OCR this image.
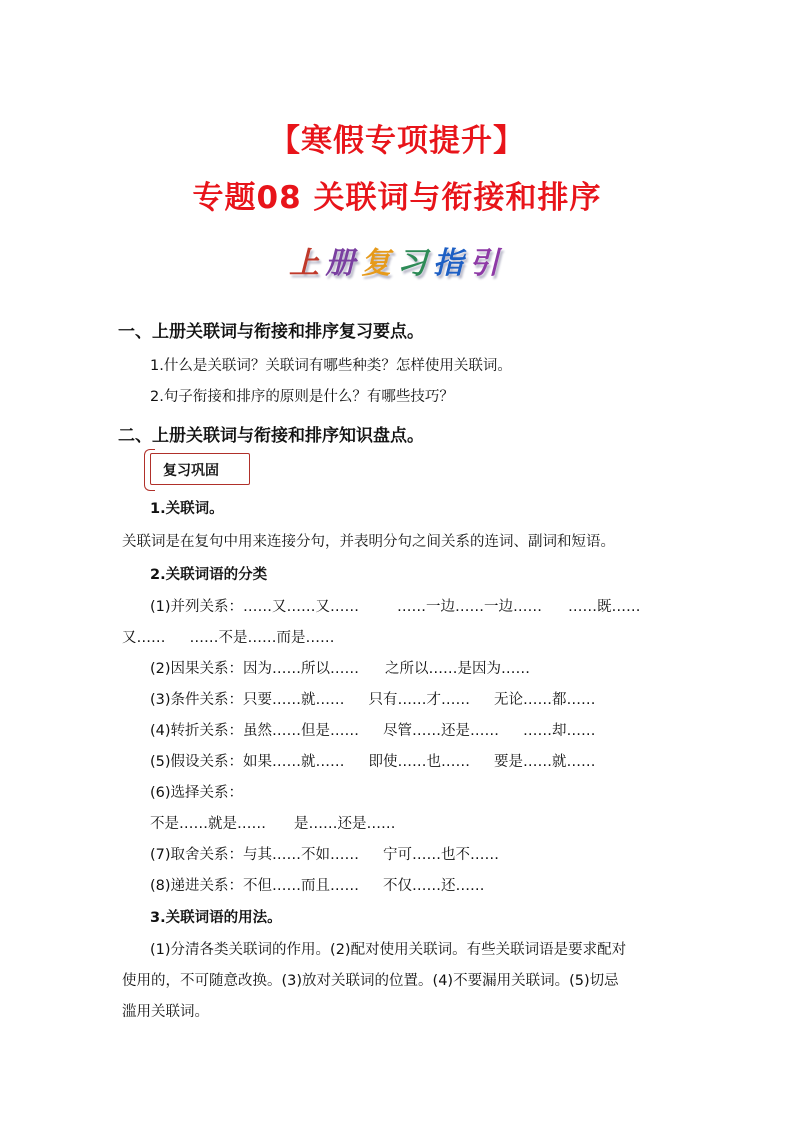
【寒假专项提升】
专题08 关联词与衔接和排序
上册复习指引
一、上册关联词与衔接和排序复习要点。
1.什么是关联词？关联词有哪些种类？怎样使用关联词。
2.句子衔接和排序的原则是什么？有哪些技巧？
二、上册关联词与衔接和排序知识盘点。
复习巩固
1.关联词。
关联词是在复句中用来连接分句，并表明分句之间关系的连词、副词和短语。
2.关联词语的分类
(1)并列关系：……又……又……	……一边……一边…… ……既……
又…… ……不是……而是……
(2)因果关系：因为……所以…… 之所以……是因为……
(3)条件关系：只要……就…… 只有……才…… 无论……都……
(4)转折关系：虽然……但是…… 尽管……还是…… ……却……
(5)假设关系：如果……就…… 即使……也…… 要是……就……
(6)选择关系：
不是……就是…… 是……还是……
(7)取舍关系：与其……不如…… 宁可……也不……
(8)递进关系：不但……而且…… 不仅……还……
3.关联词语的用法。
(1)分清各类关联词的作用。(2)配对使用关联词。有些关联词语是要求配对
使用的，不可随意改换。(3)放对关联词的位置。(4)不要漏用关联词。(5)切忌
滥用关联词。
